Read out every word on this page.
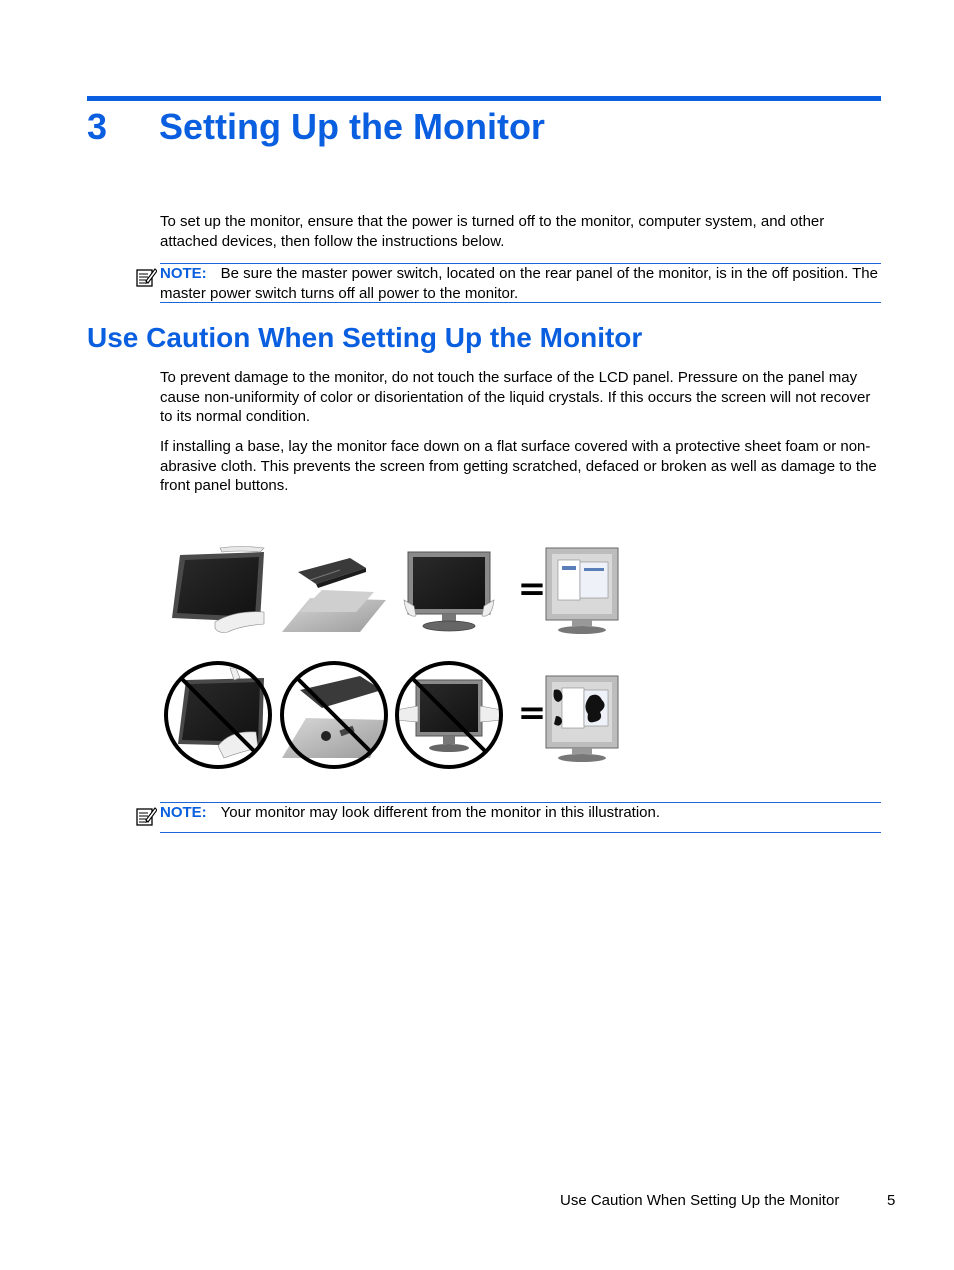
3 Setting Up the Monitor

To set up the monitor, ensure that the power is turned off to the monitor, computer system, and other attached devices, then follow the instructions below.

NOTE: Be sure the master power switch, located on the rear panel of the monitor, is in the off position. The master power switch turns off all power to the monitor.
Use Caution When Setting Up the Monitor

To prevent damage to the monitor, do not touch the surface of the LCD panel. Pressure on the panel may cause non-uniformity of color or disorientation of the liquid crystals. If this occurs the screen will not recover to its normal condition.

If installing a base, lay the monitor face down on a flat surface covered with a protective sheet foam or non-abrasive cloth. This prevents the screen from getting scratched, defaced or broken as well as damage to the front panel buttons.

=
=
NOTE: Your monitor may look different from the monitor in this illustration.
Use Caution When Setting Up the Monitor	5
